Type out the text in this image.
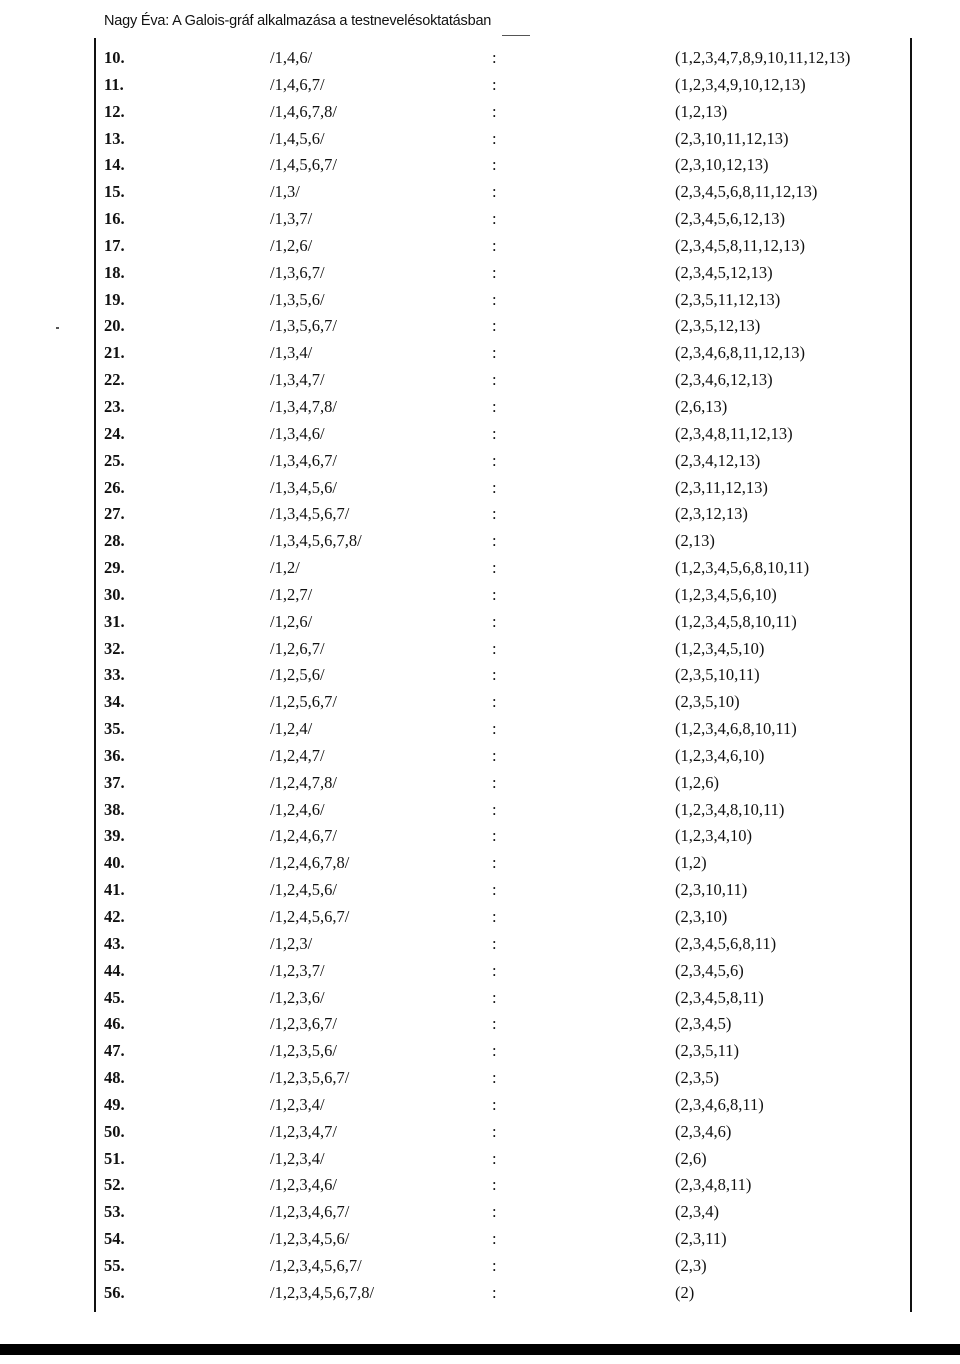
Nagy Éva: A Galois-gráf alkalmazása a testnevelésoktatásban
10.	/1,4,6/	:	(1,2,3,4,7,8,9,10,11,12,13)
11.	/1,4,6,7/	:	(1,2,3,4,9,10,12,13)
12.	/1,4,6,7,8/	:	(1,2,13)
13.	/1,4,5,6/	:	(2,3,10,11,12,13)
14.	/1,4,5,6,7/	:	(2,3,10,12,13)
15.	/1,3/	:	(2,3,4,5,6,8,11,12,13)
16.	/1,3,7/	:	(2,3,4,5,6,12,13)
17.	/1,2,6/	:	(2,3,4,5,8,11,12,13)
18.	/1,3,6,7/	:	(2,3,4,5,12,13)
19.	/1,3,5,6/	:	(2,3,5,11,12,13)
20.	/1,3,5,6,7/	:	(2,3,5,12,13)
21.	/1,3,4/	:	(2,3,4,6,8,11,12,13)
22.	/1,3,4,7/	:	(2,3,4,6,12,13)
23.	/1,3,4,7,8/	:	(2,6,13)
24.	/1,3,4,6/	:	(2,3,4,8,11,12,13)
25.	/1,3,4,6,7/	:	(2,3,4,12,13)
26.	/1,3,4,5,6/	:	(2,3,11,12,13)
27.	/1,3,4,5,6,7/	:	(2,3,12,13)
28.	/1,3,4,5,6,7,8/	:	(2,13)
29.	/1,2/	:	(1,2,3,4,5,6,8,10,11)
30.	/1,2,7/	:	(1,2,3,4,5,6,10)
31.	/1,2,6/	:	(1,2,3,4,5,8,10,11)
32.	/1,2,6,7/	:	(1,2,3,4,5,10)
33.	/1,2,5,6/	:	(2,3,5,10,11)
34.	/1,2,5,6,7/	:	(2,3,5,10)
35.	/1,2,4/	:	(1,2,3,4,6,8,10,11)
36.	/1,2,4,7/	:	(1,2,3,4,6,10)
37.	/1,2,4,7,8/	:	(1,2,6)
38.	/1,2,4,6/	:	(1,2,3,4,8,10,11)
39.	/1,2,4,6,7/	:	(1,2,3,4,10)
40.	/1,2,4,6,7,8/	:	(1,2)
41.	/1,2,4,5,6/	:	(2,3,10,11)
42.	/1,2,4,5,6,7/	:	(2,3,10)
43.	/1,2,3/	:	(2,3,4,5,6,8,11)
44.	/1,2,3,7/	:	(2,3,4,5,6)
45.	/1,2,3,6/	:	(2,3,4,5,8,11)
46.	/1,2,3,6,7/	:	(2,3,4,5)
47.	/1,2,3,5,6/	:	(2,3,5,11)
48.	/1,2,3,5,6,7/	:	(2,3,5)
49.	/1,2,3,4/	:	(2,3,4,6,8,11)
50.	/1,2,3,4,7/	:	(2,3,4,6)
51.	/1,2,3,4/	:	(2,6)
52.	/1,2,3,4,6/	:	(2,3,4,8,11)
53.	/1,2,3,4,6,7/	:	(2,3,4)
54.	/1,2,3,4,5,6/	:	(2,3,11)
55.	/1,2,3,4,5,6,7/	:	(2,3)
56.	/1,2,3,4,5,6,7,8/	:	(2)
